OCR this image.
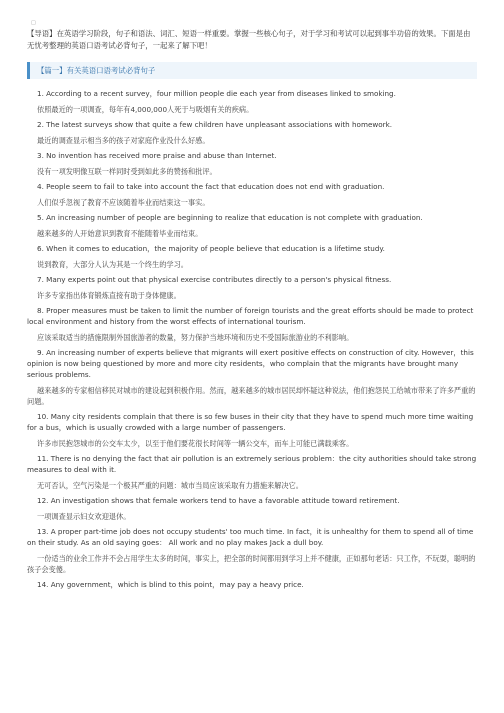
□

【导语】在英语学习阶段，句子和语法、词汇、短语一样重要。掌握一些核心句子，对于学习和考试可以起到事半功倍的效果。下面是由无忧考整理的英语口语考试必背句子，一起来了解下吧！

【篇一】有关英语口语考试必背句子

1. According to a recent survey，four million people die each year from diseases linked to smoking.

依照最近的一项调查，每年有4,000,000人死于与吸烟有关的疾病。

2. The latest surveys show that quite a few children have unpleasant associations with homework.

最近的调查显示相当多的孩子对家庭作业没什么好感。

3. No invention has received more praise and abuse than Internet.

没有一项发明像互联一样同时受到如此多的赞扬和批评。

4. People seem to fail to take into account the fact that education does not end with graduation.

人们似乎忽视了教育不应该随着毕业而结束这一事实。

5. An increasing number of people are beginning to realize that education is not complete with graduation.

越来越多的人开始意识到教育不能随着毕业而结束。

6. When it comes to education，the majority of people believe that education is a lifetime study.

说到教育，大部分人认为其是一个终生的学习。

7. Many experts point out that physical exercise contributes directly to a person's physical fitness.

许多专家指出体育锻炼直接有助于身体健康。

8. Proper measures must be taken to limit the number of foreign tourists and the great efforts should be made to protect local environment and history from the worst effects of international tourism.

应该采取适当的措施限制外国旅游者的数量，努力保护当地环境和历史不受国际旅游业的不利影响。

9. An increasing number of experts believe that migrants will exert positive effects on construction of city. However，this opinion is now being questioned by more and more city residents，who complain that the migrants have brought many serious problems.

越来越多的专家相信移民对城市的建设起到积极作用。然而，越来越多的城市居民却怀疑这种说法，他们抱怨民工给城市带来了许多严重的问题。

10. Many city residents complain that there is so few buses in their city that they have to spend much more time waiting for a bus，which is usually crowded with a large number of passengers.

许多市民抱怨城市的公交车太少，以至于他们要花很长时间等一辆公交车，而车上可能已满载乘客。

11. There is no denying the fact that air pollution is an extremely serious problem：the city authorities should take strong measures to deal with it.

无可否认，空气污染是一个极其严重的问题：城市当局应该采取有力措施来解决它。

12. An investigation shows that female workers tend to have a favorable attitude toward retirement.

一项调查显示妇女欢迎退休。

13. A proper part-time job does not occupy students' too much time. In fact，it is unhealthy for them to spend all of time on their study. As an old saying goes： All work and no play makes Jack a dull boy.

一份适当的业余工作并不会占用学生太多的时间，事实上，把全部的时间都用到学习上并不健康，正如那句老话：只工作，不玩耍，聪明的孩子会变傻。

14. Any government，which is blind to this point，may pay a heavy price.
